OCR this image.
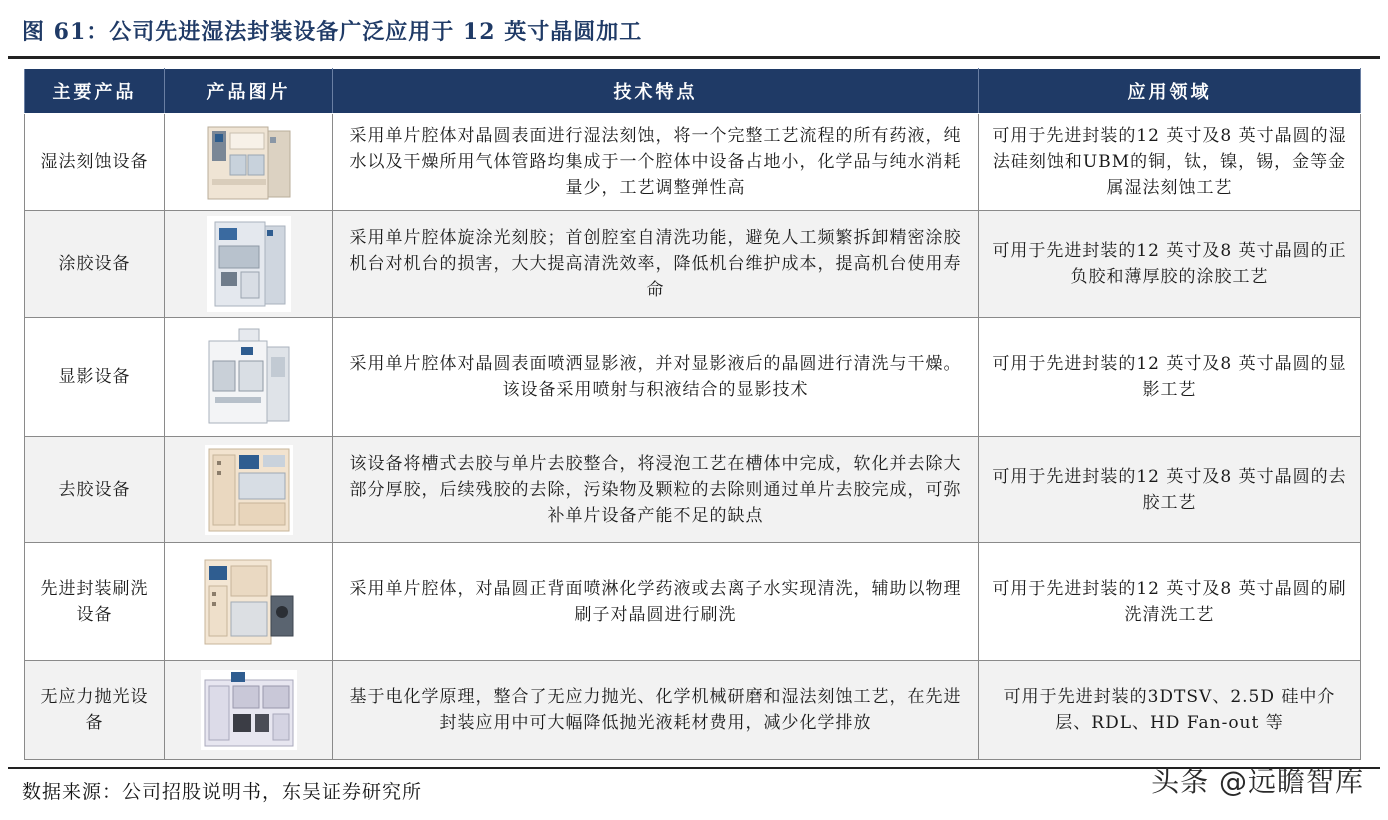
图 61：公司先进湿法封装设备广泛应用于 12 英寸晶圆加工
主要产品	产品图片	技术特点	应用领域
湿法刻蚀设备		采用单片腔体对晶圆表面进行湿法刻蚀，将一个完整工艺流程的所有药液，纯水以及干燥所用气体管路均集成于一个腔体中设备占地小，化学品与纯水消耗量少，工艺调整弹性高	可用于先进封装的12 英寸及8 英寸晶圆的湿法硅刻蚀和UBM的铜，钛，镍，锡，金等金属湿法刻蚀工艺
涂胶设备		采用单片腔体旋涂光刻胶；首创腔室自清洗功能，避免人工频繁拆卸精密涂胶机台对机台的损害，大大提高清洗效率，降低机台维护成本，提高机台使用寿命	可用于先进封装的12 英寸及8 英寸晶圆的正负胶和薄厚胶的涂胶工艺
显影设备		采用单片腔体对晶圆表面喷洒显影液，并对显影液后的晶圆进行清洗与干燥。该设备采用喷射与积液结合的显影技术	可用于先进封装的12 英寸及8 英寸晶圆的显影工艺
去胶设备		该设备将槽式去胶与单片去胶整合，将浸泡工艺在槽体中完成，软化并去除大部分厚胶，后续残胶的去除，污染物及颗粒的去除则通过单片去胶完成，可弥补单片设备产能不足的缺点	可用于先进封装的12 英寸及8 英寸晶圆的去胶工艺
先进封装刷洗设备		采用单片腔体，对晶圆正背面喷淋化学药液或去离子水实现清洗，辅助以物理刷子对晶圆进行刷洗	可用于先进封装的12 英寸及8 英寸晶圆的刷洗清洗工艺
无应力抛光设备		基于电化学原理，整合了无应力抛光、化学机械研磨和湿法刻蚀工艺，在先进封装应用中可大幅降低抛光液耗材费用，减少化学排放	可用于先进封装的3DTSV、2.5D 硅中介层、RDL、HD Fan-out 等
数据来源：公司招股说明书，东吴证券研究所	头条 @远瞻智库
